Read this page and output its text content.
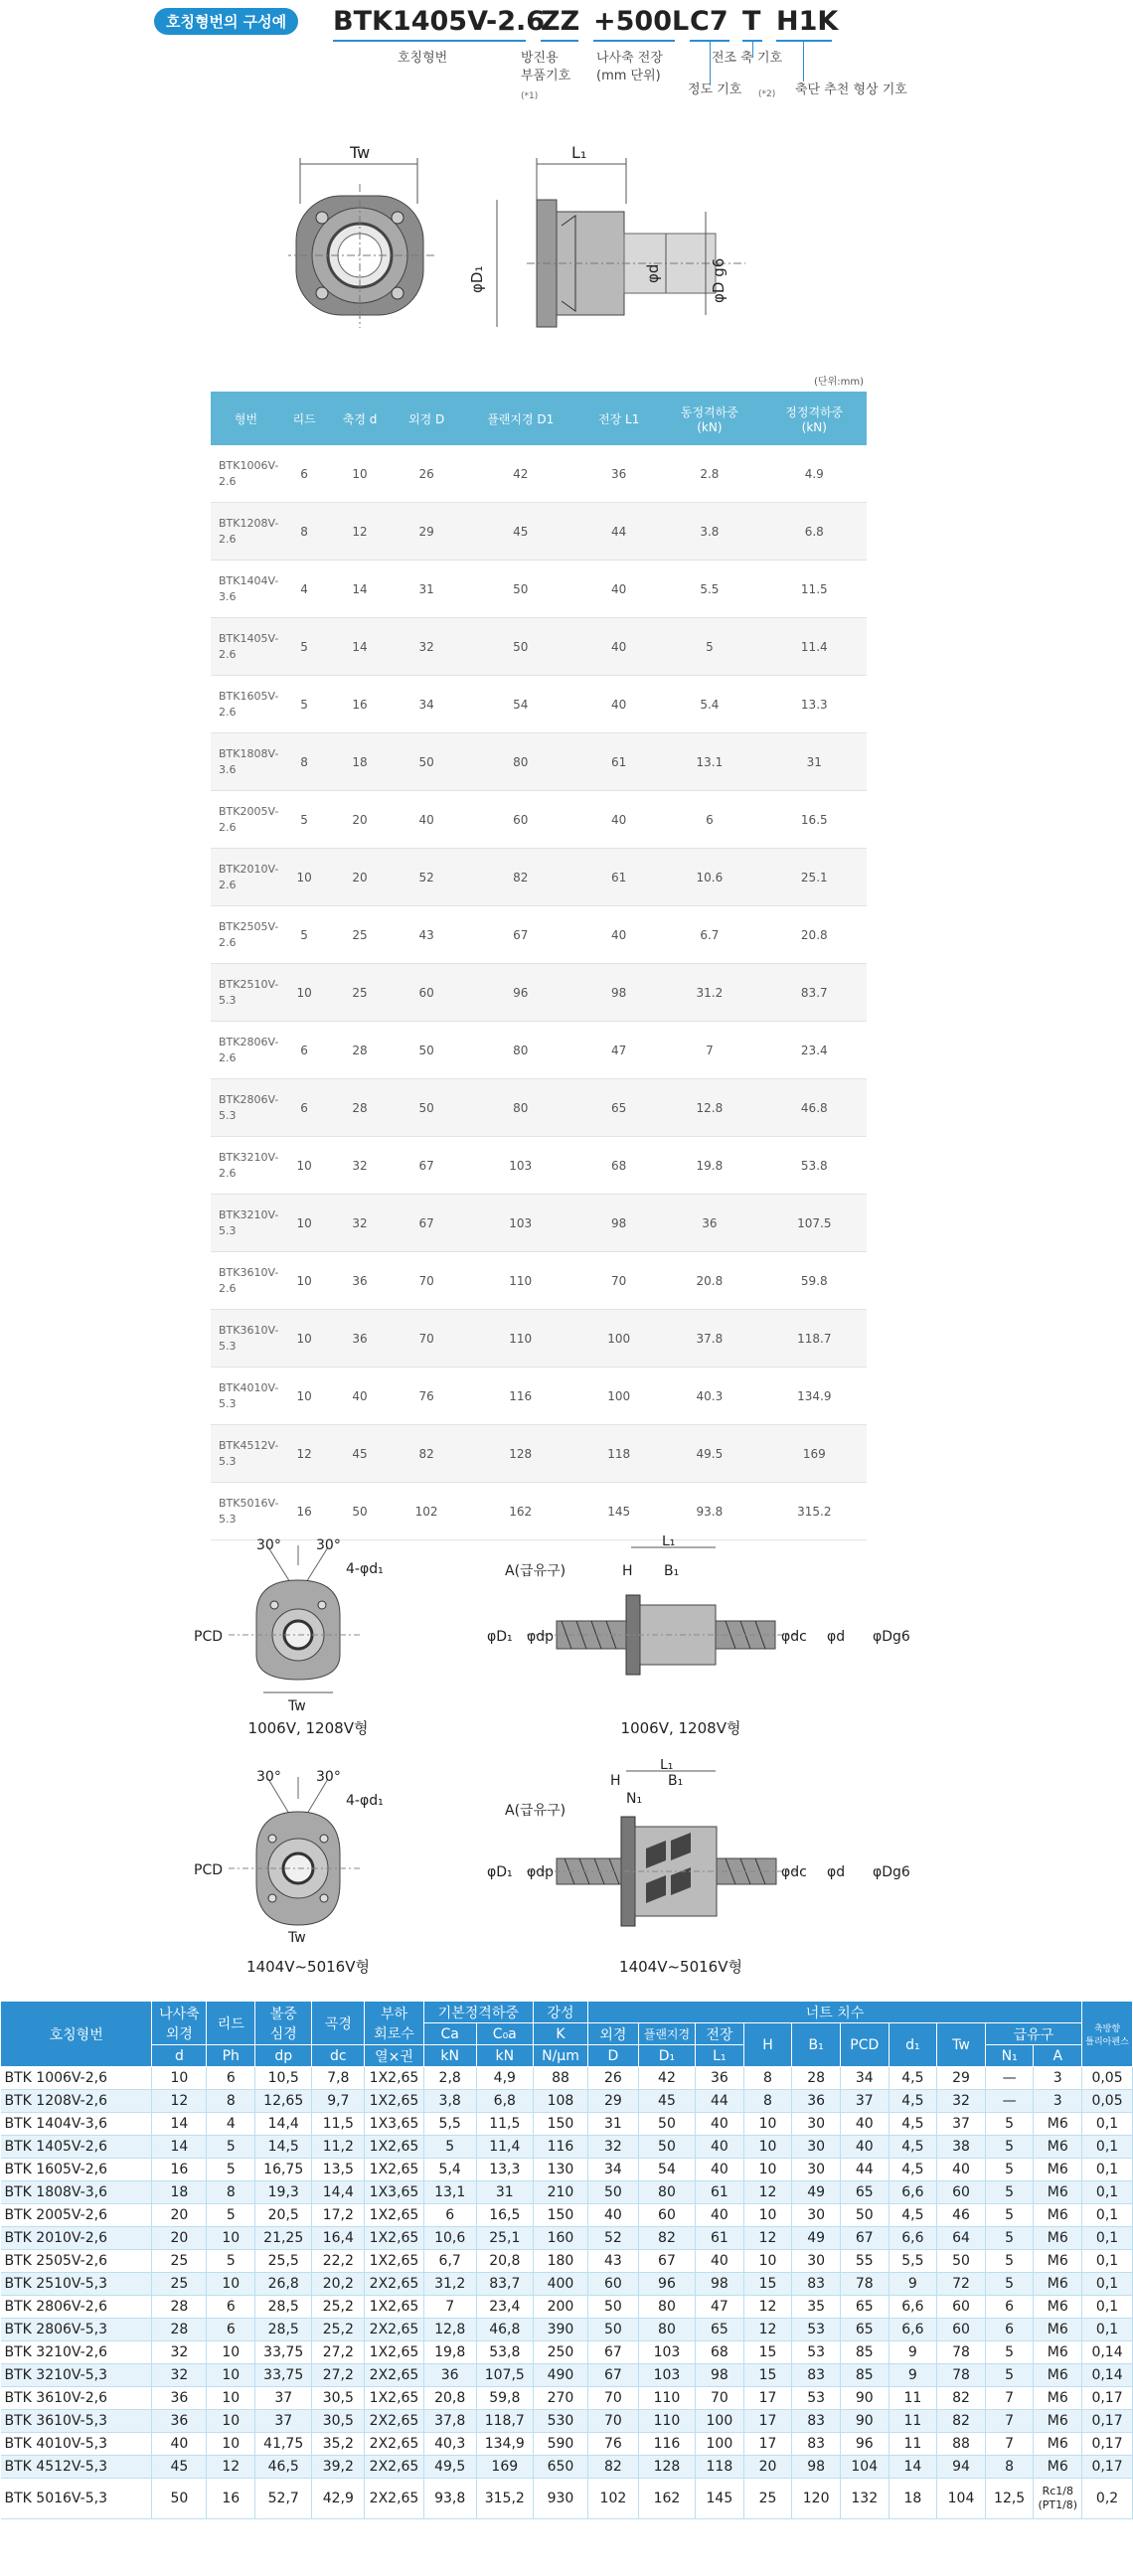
호칭형번의 구성예	BTK1405V-2.6
ZZ +500L C7 T H1K
호칭형번	방진용
부품기호
(*1)
나사축 전장
(mm 단위)
전조 축 기호
정도 기호 (*2) 축단 추천 형상 기호
Tw	L₁
φD₁	φd	φD g6
(단위:mm)
형번	리드	축경 d	외경 D	플랜지경 D1	전장 L1	동정격하중
(kN)	정정격하중
(kN)
BTK1006V-
2.6	6	10	26	42	36	2.8	4.9
BTK1208V-
2.6	8	12	29	45	44	3.8	6.8
BTK1404V-
3.6	4	14	31	50	40	5.5	11.5
BTK1405V-
2.6	5	14	32	50	40	5	11.4
BTK1605V-
2.6	5	16	34	54	40	5.4	13.3
BTK1808V-
3.6	8	18	50	80	61	13.1	31
BTK2005V-
2.6	5	20	40	60	40	6	16.5
BTK2010V-
2.6	10	20	52	82	61	10.6	25.1
BTK2505V-
2.6	5	25	43	67	40	6.7	20.8
BTK2510V-
5.3	10	25	60	96	98	31.2	83.7
BTK2806V-
2.6	6	28	50	80	47	7	23.4
BTK2806V-
5.3	6	28	50	80	65	12.8	46.8
BTK3210V-
2.6	10	32	67	103	68	19.8	53.8
BTK3210V-
5.3	10	32	67	103	98	36	107.5
BTK3610V-
2.6	10	36	70	110	70	20.8	59.8
BTK3610V-
5.3	10	36	70	110	100	37.8	118.7
BTK4010V-
5.3	10	40	76	116	100	40.3	134.9
BTK4512V-
5.3	12	45	82	128	118	49.5	169
BTK5016V-
5.3	16	50	102	162	145	93.8	315.2
30°	30°
4-φd₁
PCD
Tw
A(급유구)	H B₁
L₁
φD₁ φdp	φdc φd φDg6
1006V, 1208V형	1006V, 1208V형
30°	30°
4-φd₁
PCD
Tw
A(급유구)
H
N₁
B₁
L₁
φD₁ φdp	φdc φd φDg6
1404V~5016V형	1404V~5016V형
호칭형번	나사축
외경	리드	볼중
심경	곡경	부하
회로수	기본정격하중		강성	너트 치수										축방향
틀리아펜스
						Ca	C₀a	K	외경	플랜지경	전장	H	B₁	PCD	d₁	Tw	급유구		
	d	Ph	dp	dc	열×권	kN	kN	N/μm	D	D₁	L₁						N₁	A	
BTK 1006V-2,6	10	6	10,5	7,8	1X2,65	2,8	4,9	88	26	42	36	8	28	34	4,5	29	—	3	0,05
BTK 1208V-2,6	12	8	12,65	9,7	1X2,65	3,8	6,8	108	29	45	44	8	36	37	4,5	32	—	3	0,05
BTK 1404V-3,6	14	4	14,4	11,5	1X3,65	5,5	11,5	150	31	50	40	10	30	40	4,5	37	5	M6	0,1
BTK 1405V-2,6	14	5	14,5	11,2	1X2,65	5	11,4	116	32	50	40	10	30	40	4,5	38	5	M6	0,1
BTK 1605V-2,6	16	5	16,75	13,5	1X2,65	5,4	13,3	130	34	54	40	10	30	44	4,5	40	5	M6	0,1
BTK 1808V-3,6	18	8	19,3	14,4	1X3,65	13,1	31	210	50	80	61	12	49	65	6,6	60	5	M6	0,1
BTK 2005V-2,6	20	5	20,5	17,2	1X2,65	6	16,5	150	40	60	40	10	30	50	4,5	46	5	M6	0,1
BTK 2010V-2,6	20	10	21,25	16,4	1X2,65	10,6	25,1	160	52	82	61	12	49	67	6,6	64	5	M6	0,1
BTK 2505V-2,6	25	5	25,5	22,2	1X2,65	6,7	20,8	180	43	67	40	10	30	55	5,5	50	5	M6	0,1
BTK 2510V-5,3	25	10	26,8	20,2	2X2,65	31,2	83,7	400	60	96	98	15	83	78	9	72	5	M6	0,1
BTK 2806V-2,6	28	6	28,5	25,2	1X2,65	7	23,4	200	50	80	47	12	35	65	6,6	60	6	M6	0,1
BTK 2806V-5,3	28	6	28,5	25,2	2X2,65	12,8	46,8	390	50	80	65	12	53	65	6,6	60	6	M6	0,1
BTK 3210V-2,6	32	10	33,75	27,2	1X2,65	19,8	53,8	250	67	103	68	15	53	85	9	78	5	M6	0,14
BTK 3210V-5,3	32	10	33,75	27,2	2X2,65	36	107,5	490	67	103	98	15	83	85	9	78	5	M6	0,14
BTK 3610V-2,6	36	10	37	30,5	1X2,65	20,8	59,8	270	70	110	70	17	53	90	11	82	7	M6	0,17
BTK 3610V-5,3	36	10	37	30,5	2X2,65	37,8	118,7	530	70	110	100	17	83	90	11	82	7	M6	0,17
BTK 4010V-5,3	40	10	41,75	35,2	2X2,65	40,3	134,9	590	76	116	100	17	83	96	11	88	7	M6	0,17
BTK 4512V-5,3	45	12	46,5	39,2	2X2,65	49,5	169	650	82	128	118	20	98	104	14	94	8	M6	0,17
BTK 5016V-5,3	50	16	52,7	42,9	2X2,65	93,8	315,2	930	102	162	145	25	120	132	18	104	12,5	Rc1/8
(PT1/8)	0,2
